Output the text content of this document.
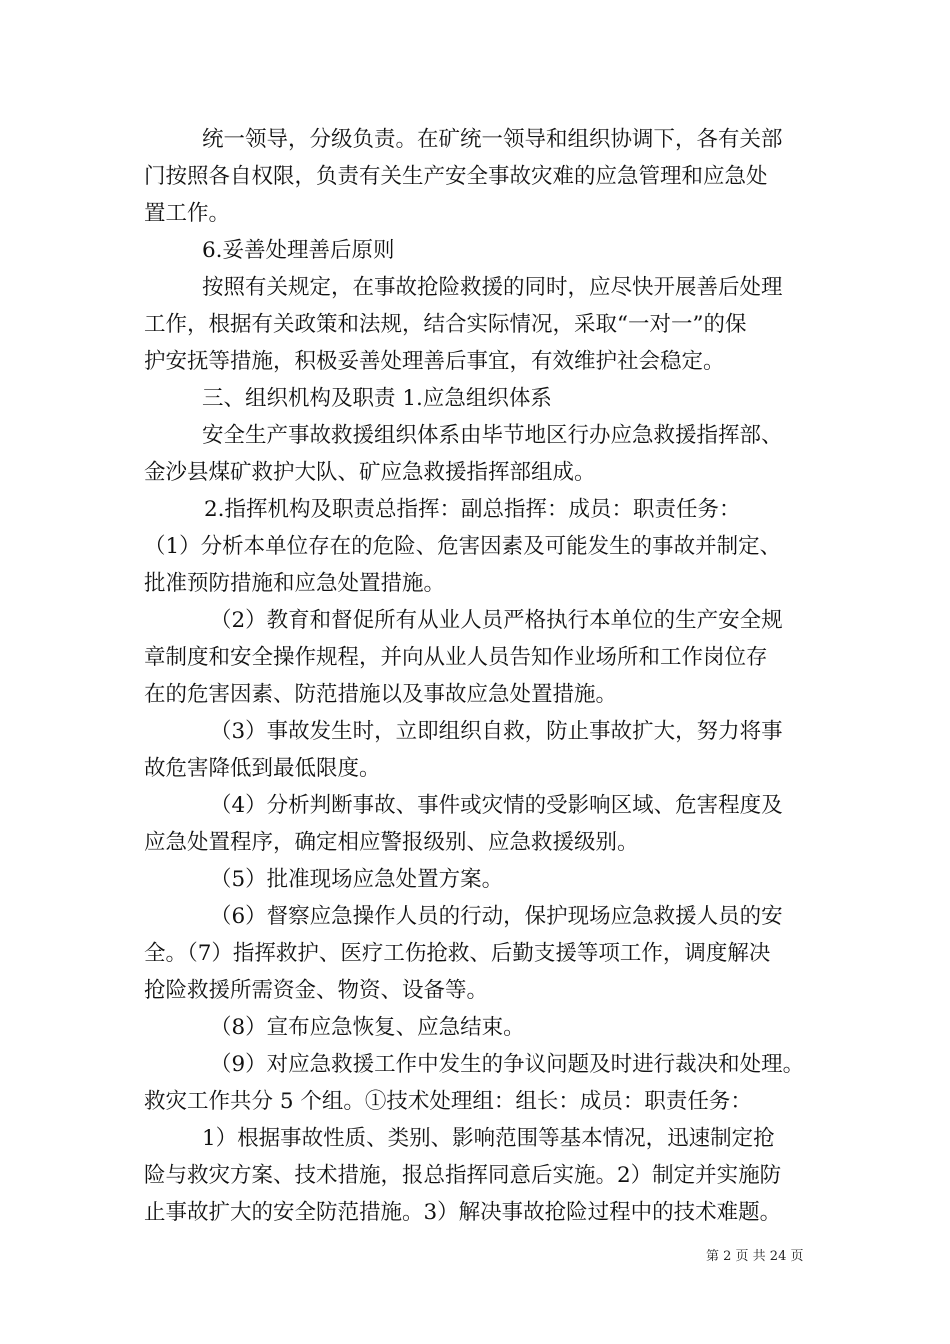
统一领导，分级负责。在矿统一领导和组织协调下，各有关部
门按照各自权限，负责有关生产安全事故灾难的应急管理和应急处
置工作。
6.妥善处理善后原则
按照有关规定，在事故抢险救援的同时，应尽快开展善后处理
工作，根据有关政策和法规，结合实际情况，采取“一对一”的保
护安抚等措施，积极妥善处理善后事宜，有效维护社会稳定。
三、组织机构及职责 1.应急组织体系
安全生产事故救援组织体系由毕节地区行办应急救援指挥部、
金沙县煤矿救护大队、矿应急救援指挥部组成。
2.指挥机构及职责总指挥：副总指挥：成员：职责任务：
（1）分析本单位存在的危险、危害因素及可能发生的事故并制定、
批准预防措施和应急处置措施。
（2）教育和督促所有从业人员严格执行本单位的生产安全规
章制度和安全操作规程，并向从业人员告知作业场所和工作岗位存
在的危害因素、防范措施以及事故应急处置措施。
（3）事故发生时，立即组织自救，防止事故扩大，努力将事
故危害降低到最低限度。
（4）分析判断事故、事件或灾情的受影响区域、危害程度及
应急处置程序，确定相应警报级别、应急救援级别。
（5）批准现场应急处置方案。
（6）督察应急操作人员的行动，保护现场应急救援人员的安
全。（7）指挥救护、医疗工伤抢救、后勤支援等项工作，调度解决
抢险救援所需资金、物资、设备等。
（8）宣布应急恢复、应急结束。
（9）对应急救援工作中发生的争议问题及时进行裁决和处理。
救灾工作共分 5 个组。①技术处理组：组长：成员：职责任务：
1）根据事故性质、类别、影响范围等基本情况，迅速制定抢
险与救灾方案、技术措施，报总指挥同意后实施。2）制定并实施防
止事故扩大的安全防范措施。3）解决事故抢险过程中的技术难题。
第 2 页 共 24 页
